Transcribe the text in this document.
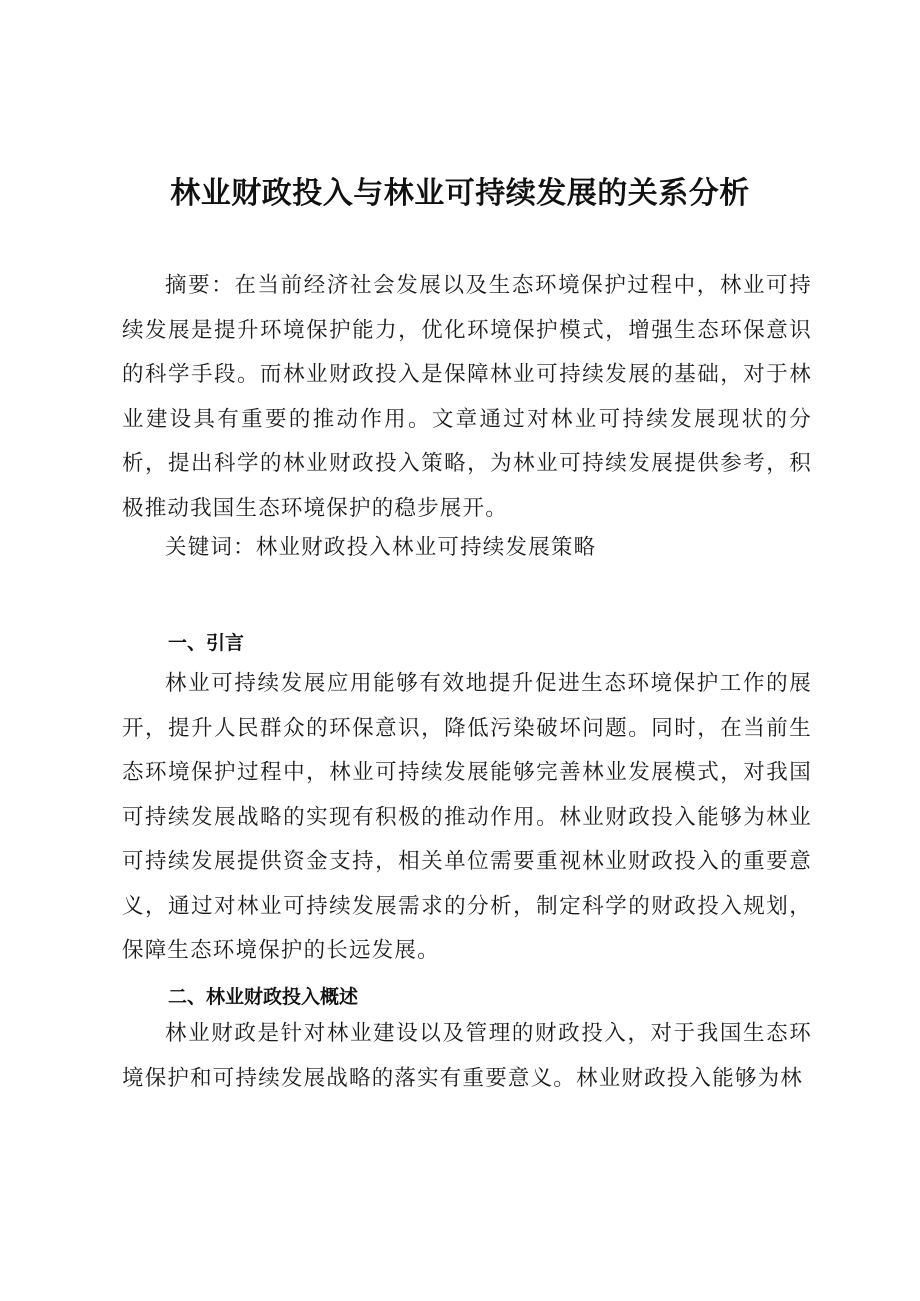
林业财政投入与林业可持续发展的关系分析

摘要：在当前经济社会发展以及生态环境保护过程中，林业可持续发展是提升环境保护能力，优化环境保护模式，增强生态环保意识的科学手段。而林业财政投入是保障林业可持续发展的基础，对于林业建设具有重要的推动作用。文章通过对林业可持续发展现状的分析，提出科学的林业财政投入策略，为林业可持续发展提供参考，积极推动我国生态环境保护的稳步展开。

关键词：林业财政投入林业可持续发展策略

一、引言

林业可持续发展应用能够有效地提升促进生态环境保护工作的展开，提升人民群众的环保意识，降低污染破坏问题。同时，在当前生态环境保护过程中，林业可持续发展能够完善林业发展模式，对我国可持续发展战略的实现有积极的推动作用。林业财政投入能够为林业可持续发展提供资金支持，相关单位需要重视林业财政投入的重要意义，通过对林业可持续发展需求的分析，制定科学的财政投入规划，保障生态环境保护的长远发展。

二、林业财政投入概述

林业财政是针对林业建设以及管理的财政投入，对于我国生态环境保护和可持续发展战略的落实有重要意义。林业财政投入能够为林
